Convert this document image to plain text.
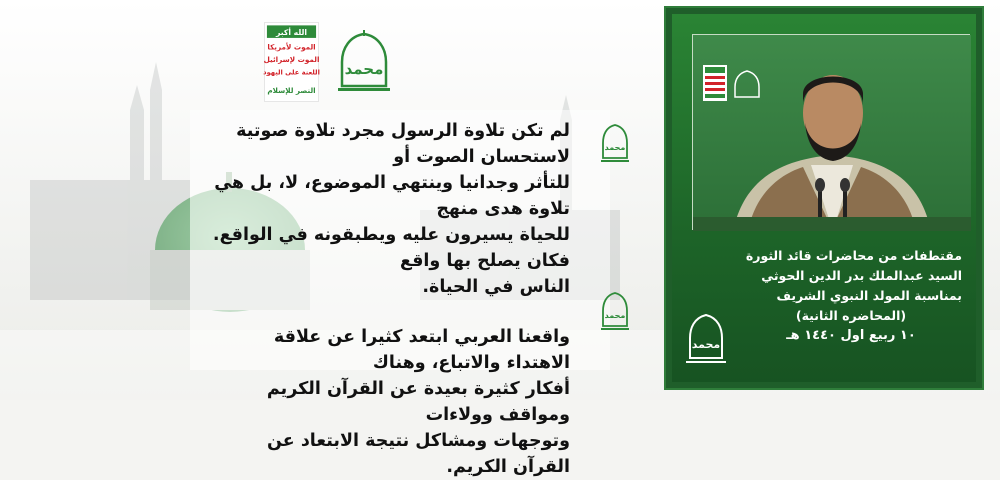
الله أكبر
الموت لأمريكا
الموت لإسرائيل
اللعنة على اليهود
النصر للإسلام
محمد

لم تكن تلاوة الرسول مجرد تلاوة صوتية لاستحسان الصوت أو
للتأثر وجدانيا وينتهي الموضوع، لا، بل هي تلاوة هدى منهج
للحياة يسيرون عليه ويطبقونه في الواقع. فكان يصلح بها واقع
الناس في الحياة.

واقعنا العربي ابتعد كثيرا عن علاقة الاهتداء والاتباع، وهناك
أفكار كثيرة بعيدة عن القرآن الكريم ومواقف وولاءات
وتوجهات ومشاكل نتيجة الابتعاد عن القرآن الكريم.

محمد
محمد
مقتطفات من محاضرات قائد الثورة
السيد عبدالملك بدر الدين الحوثي
بمناسبة المولد النبوي الشريف
(المحاضره الثانية)
١٠ ربيع اول ١٤٤٠ هـ
محمد
